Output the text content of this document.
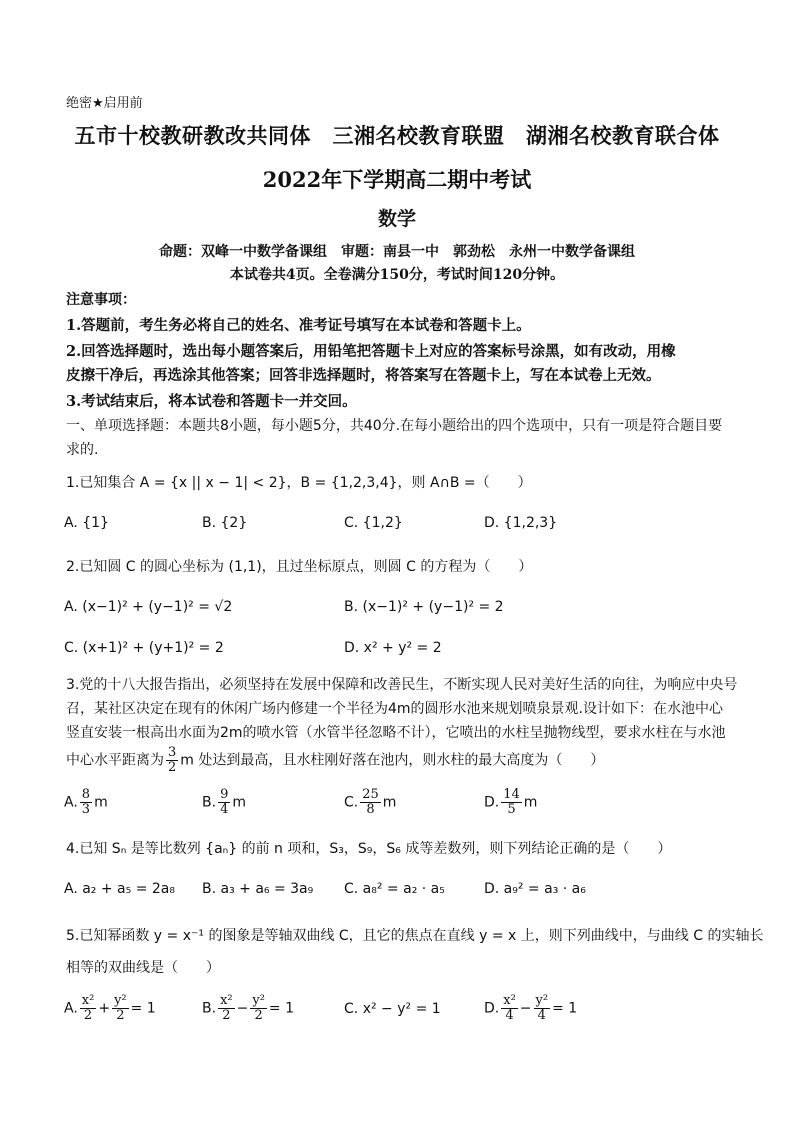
绝密★启用前
五市十校教研教改共同体　三湘名校教育联盟　湖湘名校教育联合体
2022年下学期高二期中考试
数学
命题：双峰一中数学备课组　审题：南县一中　郭劲松　永州一中数学备课组
本试卷共4页。全卷满分150分，考试时间120分钟。
注意事项：
1.答题前，考生务必将自己的姓名、准考证号填写在本试卷和答题卡上。
2.回答选择题时，选出每小题答案后，用铅笔把答题卡上对应的答案标号涂黑，如有改动，用橡
皮擦干净后，再选涂其他答案；回答非选择题时，将答案写在答题卡上，写在本试卷上无效。
3.考试结束后，将本试卷和答题卡一并交回。
一、单项选择题：本题共8小题，每小题5分，共40分.在每小题给出的四个选项中，只有一项是符合题目要
求的.
1.已知集合 A = {x || x − 1| < 2}，B = {1,2,3,4}，则 A∩B =（　　）
A. {1}	B. {2}	C. {1,2}	D. {1,2,3}
2.已知圆 C 的圆心坐标为 (1,1)，且过坐标原点，则圆 C 的方程为（　　）
A. (x−1)² + (y−1)² = √2	B. (x−1)² + (y−1)² = 2
C. (x+1)² + (y+1)² = 2	D. x² + y² = 2
3.党的十八大报告指出，必须坚持在发展中保障和改善民生，不断实现人民对美好生活的向往，为响应中央号
召，某社区决定在现有的休闲广场内修建一个半径为4m的圆形水池来规划喷泉景观.设计如下：在水池中心
竖直安装一根高出水面为2m的喷水管（水管半径忽略不计），它喷出的水柱呈抛物线型，要求水柱在与水池
中心水平距离为 $\frac{3}{2}$ m 处达到最高，且水柱刚好落在池内，则水柱的最大高度为（　　）
A. $\frac{8}{3}$ m	B. $\frac{9}{4}$ m	C. $\frac{25}{8}$ m	D. $\frac{14}{5}$ m
4.已知 Sₙ 是等比数列 {aₙ} 的前 n 项和，S₃，S₉，S₆ 成等差数列，则下列结论正确的是（　　）
A. a₂ + a₅ = 2a₈ B. a₃ + a₆ = 3a₉ C. a₈² = a₂ · a₅	D. a₉² = a₃ · a₆
5.已知幂函数 y = x⁻¹ 的图象是等轴双曲线 C，且它的焦点在直线 y = x 上，则下列曲线中，与曲线 C 的实轴长
相等的双曲线是（　　）
A. $\frac{\text{x²}}{2} + \frac{\text{y²}}{2} = 1$	B. $\frac{\text{x²}}{2} - \frac{\text{y²}}{2} = 1$	C. x² − y² = 1	D. $\frac{\text{x²}}{4} - \frac{\text{y²}}{4} = 1$
